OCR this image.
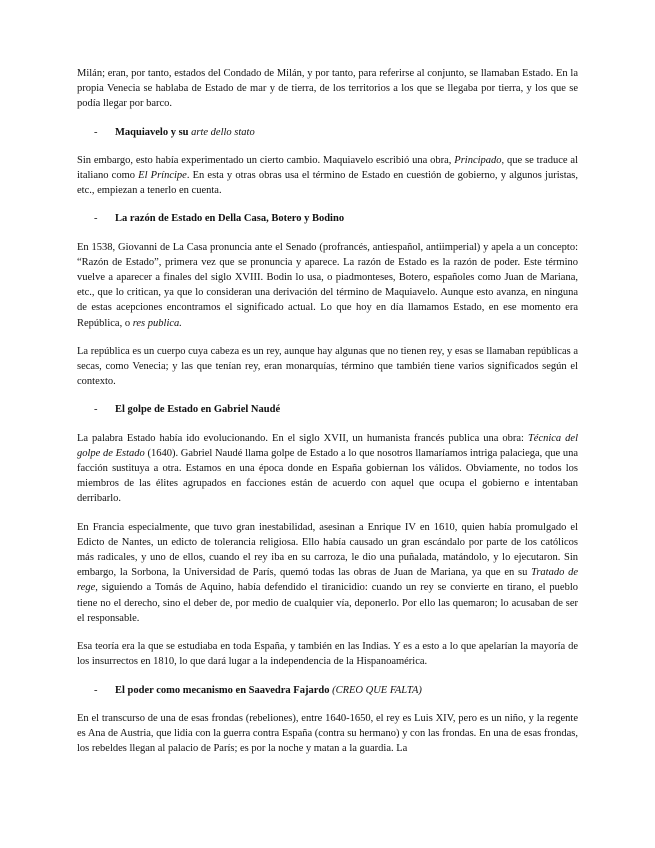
Milán; eran, por tanto, estados del Condado de Milán, y por tanto, para referirse al conjunto, se llamaban Estado. En la propia Venecia se hablaba de Estado de mar y de tierra, de los territorios a los que se llegaba por tierra, y los que se podía llegar por barco.

-	Maquiavelo y su arte dello stato

Sin embargo, esto había experimentado un cierto cambio. Maquiavelo escribió una obra, Principado, que se traduce al italiano como El Príncipe. En esta y otras obras usa el término de Estado en cuestión de gobierno, y algunos juristas, etc., empiezan a tenerlo en cuenta.

-	La razón de Estado en Della Casa, Botero y Bodino

En 1538, Giovanni de La Casa pronuncia ante el Senado (profrancés, antiespañol, antiimperial) y apela a un concepto: “Razón de Estado”, primera vez que se pronuncia y aparece. La razón de Estado es la razón de poder. Este término vuelve a aparecer a finales del siglo XVIII. Bodin lo usa, o piadmonteses, Botero, españoles como Juan de Mariana, etc., que lo critican, ya que lo consideran una derivación del término de Maquiavelo. Aunque esto avanza, en ninguna de estas acepciones encontramos el significado actual. Lo que hoy en día llamamos Estado, en ese momento era República, o res publica.

La república es un cuerpo cuya cabeza es un rey, aunque hay algunas que no tienen rey, y esas se llamaban repúblicas a secas, como Venecia; y las que tenían rey, eran monarquías, término que también tiene varios significados según el contexto.

-	El golpe de Estado en Gabriel Naudé

La palabra Estado había ido evolucionando. En el siglo XVII, un humanista francés publica una obra: Técnica del golpe de Estado (1640). Gabriel Naudé llama golpe de Estado a lo que nosotros llamaríamos intriga palaciega, que una facción sustituya a otra. Estamos en una época donde en España gobiernan los válidos. Obviamente, no todos los miembros de las élites agrupados en facciones están de acuerdo con aquel que ocupa el gobierno e intentaban derribarlo.

En Francia especialmente, que tuvo gran inestabilidad, asesinan a Enrique IV en 1610, quien había promulgado el Edicto de Nantes, un edicto de tolerancia religiosa. Ello había causado un gran escándalo por parte de los católicos más radicales, y uno de ellos, cuando el rey iba en su carroza, le dio una puñalada, matándolo, y lo ejecutaron. Sin embargo, la Sorbona, la Universidad de París, quemó todas las obras de Juan de Mariana, ya que en su Tratado de rege, siguiendo a Tomás de Aquino, había defendido el tiranicidio: cuando un rey se convierte en tirano, el pueblo tiene no el derecho, sino el deber de, por medio de cualquier vía, deponerlo. Por ello las quemaron; lo acusaban de ser el responsable.

Esa teoría era la que se estudiaba en toda España, y también en las Indias. Y es a esto a lo que apelarían la mayoría de los insurrectos en 1810, lo que dará lugar a la independencia de la Hispanoamérica.

-	El poder como mecanismo en Saavedra Fajardo (CREO QUE FALTA)

En el transcurso de una de esas frondas (rebeliones), entre 1640-1650, el rey es Luis XIV, pero es un niño, y la regente es Ana de Austria, que lidia con la guerra contra España (contra su hermano) y con las frondas. En una de esas frondas, los rebeldes llegan al palacio de París; es por la noche y matan a la guardia. La
